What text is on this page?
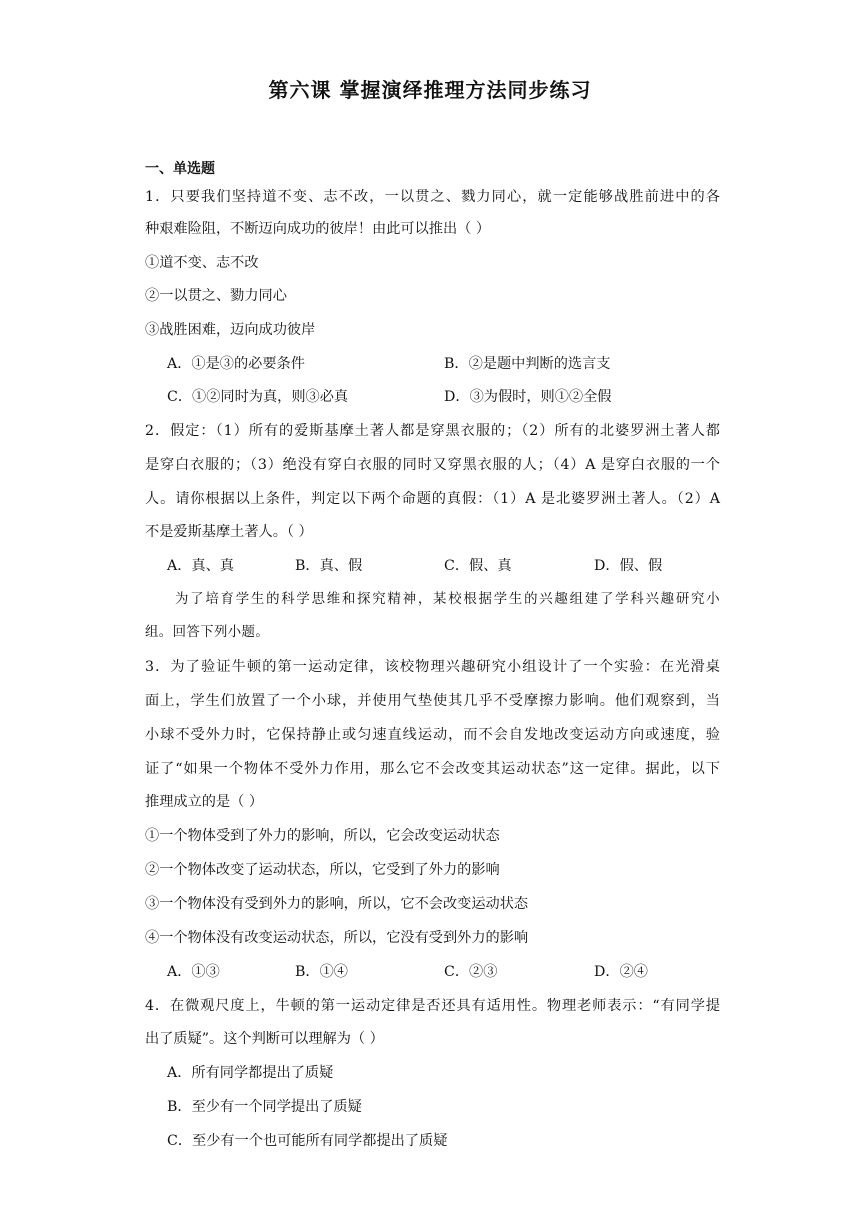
第六课 掌握演绎推理方法同步练习
一、单选题
1．只要我们坚持道不变、志不改，一以贯之、戮力同心，就一定能够战胜前进中的各
种艰难险阻，不断迈向成功的彼岸！由此可以推出（ ）
①道不变、志不改
②一以贯之、勠力同心
③战胜困难，迈向成功彼岸
A．①是③的必要条件	B．②是题中判断的选言支
C．①②同时为真，则③必真	D．③为假时，则①②全假
2．假定：（1）所有的爱斯基摩土著人都是穿黑衣服的；（2）所有的北婆罗洲土著人都
是穿白衣服的；（3）绝没有穿白衣服的同时又穿黑衣服的人；（4）A 是穿白衣服的一个
人。请你根据以上条件，判定以下两个命题的真假：（1）A 是北婆罗洲土著人。（2）A
不是爱斯基摩土著人。（ ）
A．真、真	B．真、假	C．假、真	D．假、假
为了培育学生的科学思维和探究精神，某校根据学生的兴趣组建了学科兴趣研究小
组。回答下列小题。
3．为了验证牛顿的第一运动定律，该校物理兴趣研究小组设计了一个实验：在光滑桌
面上，学生们放置了一个小球，并使用气垫使其几乎不受摩擦力影响。他们观察到，当
小球不受外力时，它保持静止或匀速直线运动，而不会自发地改变运动方向或速度，验
证了“如果一个物体不受外力作用，那么它不会改变其运动状态”这一定律。据此，以下
推理成立的是（ ）
①一个物体受到了外力的影响，所以，它会改变运动状态
②一个物体改变了运动状态，所以，它受到了外力的影响
③一个物体没有受到外力的影响，所以，它不会改变运动状态
④一个物体没有改变运动状态，所以，它没有受到外力的影响
A．①③	B．①④	C．②③	D．②④
4．在微观尺度上，牛顿的第一运动定律是否还具有适用性。物理老师表示：“有同学提
出了质疑”。这个判断可以理解为（ ）
A．所有同学都提出了质疑
B．至少有一个同学提出了质疑
C．至少有一个也可能所有同学都提出了质疑
